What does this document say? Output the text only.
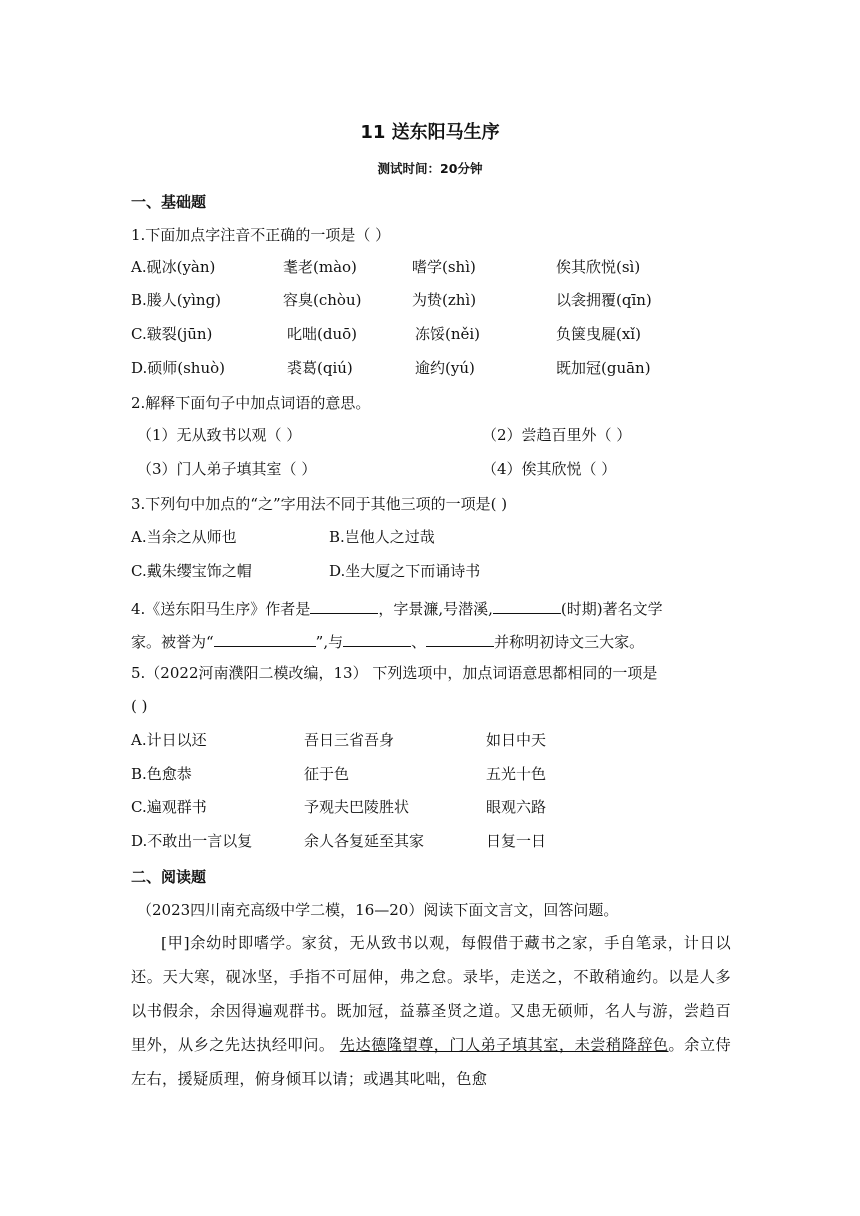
11 送东阳马生序
测试时间：20分钟
一、基础题
1.下面加点字注音不正确的一项是（ ）
A.砚冰(yàn)	耄老(mào)	嗜学(shì)	俟其欣悦(sì)
B.媵人(yìng)	容臭(chòu)	为贽(zhì)	以衾拥覆(qīn)
C.皲裂(jūn)	叱咄(duō)	冻馁(něi)	负箧曳屣(xǐ)
D.硕师(shuò)	裘葛(qiú)	逾约(yú)	既加冠(guān)
2.解释下面句子中加点词语的意思。
（1）无从致书以观（ ）	（2）尝趋百里外（ ）
（3）门人弟子填其室（ ）	（4）俟其欣悦（ ）
3.下列句中加点的“之”字用法不同于其他三项的一项是( )
A.当余之从师也	B.岂他人之过哉
C.戴朱缨宝饰之帽	D.坐大厦之下而诵诗书
4.《送东阳马生序》作者是	，字景濂,号潜溪,	(时期)著名文学
家。被誉为“	”,与	、	并称明初诗文三大家。
5.（2022河南濮阳二模改编，13） 下列选项中，加点词语意思都相同的一项是
( )
A.计日以还	吾日三省吾身	如日中天
B.色愈恭	征于色	五光十色
C.遍观群书	予观夫巴陵胜状	眼观六路
D.不敢出一言以复	余人各复延至其家	日复一日
二、阅读题
（2023四川南充高级中学二模，16—20）阅读下面文言文，回答问题。
[甲]余幼时即嗜学。家贫，无从致书以观，每假借于藏书之家，手自笔录，计日以还。天大寒，砚冰坚，手指不可屈伸，弗之怠。录毕，走送之，不敢稍逾约。以是人多以书假余，余因得遍观群书。既加冠，益慕圣贤之道。又患无硕师，名人与游，尝趋百里外，从乡之先达执经叩问。 先达德隆望尊，门人弟子填其室，未尝稍降辞色。余立侍左右，援疑质理，俯身倾耳以请；或遇其叱咄，色愈
